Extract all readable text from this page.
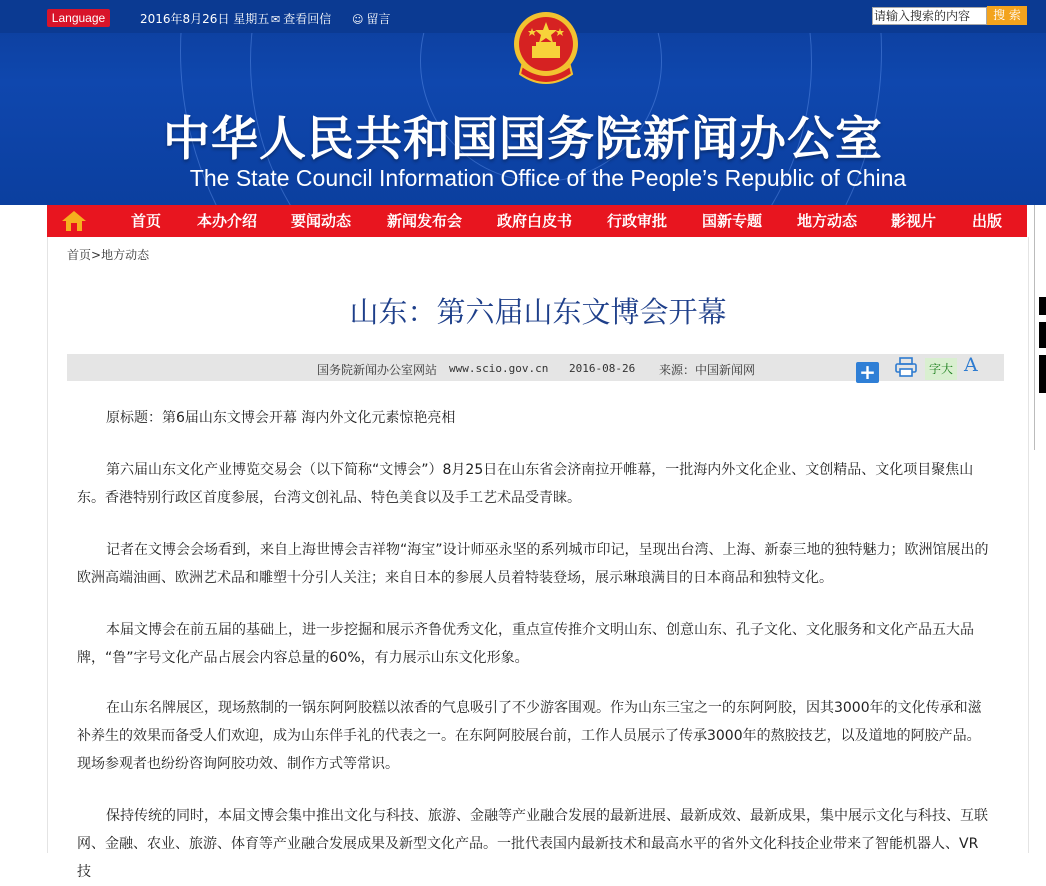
Language	2016年8月26日 星期五 ✉ 查看回信 ☺ 留言	请输入搜索的内容	搜 索
中华人民共和国国务院新闻办公室
The State Council Information Office of the People’s Republic of China
首页 本办介绍 要闻动态 新闻发布会 政府白皮书 行政审批 国新专题 地方动态 影视片 出版
首页>地方动态
山东：第六届山东文博会开幕
国务院新闻办公室网站 www.scio.gov.cn 2016-08-26 来源：中国新闻网	+	字大 A
原标题：第6届山东文博会开幕 海内外文化元素惊艳亮相
第六届山东文化产业博览交易会（以下简称“文博会”）8月25日在山东省会济南拉开帷幕，一批海内外文化企业、文创精品、文化项目聚焦山东。香港特别行政区首度参展，台湾文创礼品、特色美食以及手工艺术品受青睐。
记者在文博会会场看到，来自上海世博会吉祥物“海宝”设计师巫永坚的系列城市印记，呈现出台湾、上海、新泰三地的独特魅力；欧洲馆展出的欧洲高端油画、欧洲艺术品和雕塑十分引人关注；来自日本的参展人员着特装登场，展示琳琅满目的日本商品和独特文化。
本届文博会在前五届的基础上，进一步挖掘和展示齐鲁优秀文化，重点宣传推介文明山东、创意山东、孔子文化、文化服务和文化产品五大品牌，“鲁”字号文化产品占展会内容总量的60%，有力展示山东文化形象。
在山东名牌展区，现场熬制的一锅东阿阿胶糕以浓香的气息吸引了不少游客围观。作为山东三宝之一的东阿阿胶，因其3000年的文化传承和滋补养生的效果而备受人们欢迎，成为山东伴手礼的代表之一。在东阿阿胶展台前，工作人员展示了传承3000年的熬胶技艺，以及道地的阿胶产品。现场参观者也纷纷咨询阿胶功效、制作方式等常识。
保持传统的同时，本届文博会集中推出文化与科技、旅游、金融等产业融合发展的最新进展、最新成效、最新成果，集中展示文化与科技、互联网、金融、农业、旅游、体育等产业融合发展成果及新型文化产品。一批代表国内最新技术和最高水平的省外文化科技企业带来了智能机器人、VR技
